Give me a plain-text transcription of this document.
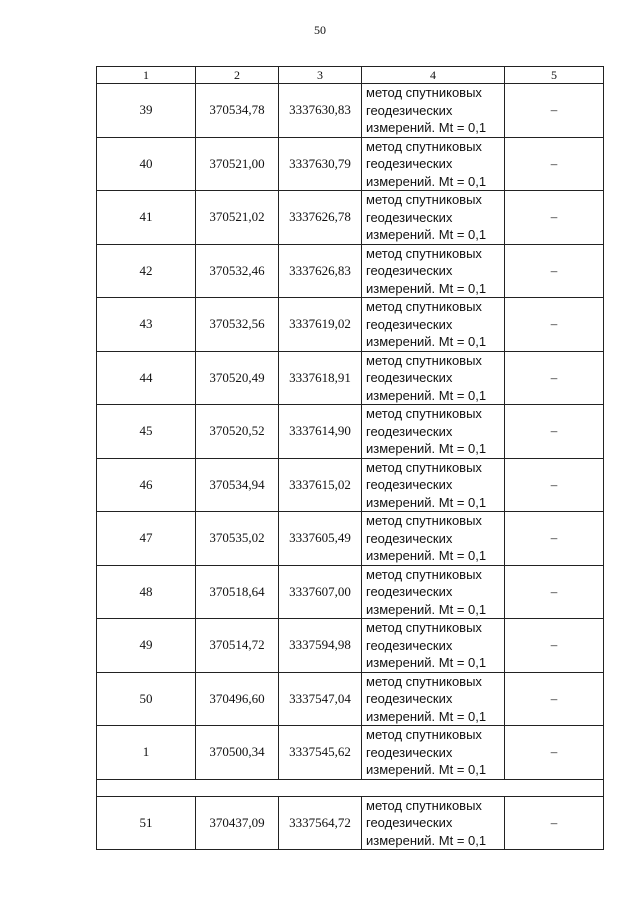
50
1	2	3	4	5
39	370534,78	3337630,83	метод спутниковых
геодезических
измерений. Mt = 0,1	–
40	370521,00	3337630,79	метод спутниковых
геодезических
измерений. Mt = 0,1	–
41	370521,02	3337626,78	метод спутниковых
геодезических
измерений. Mt = 0,1	–
42	370532,46	3337626,83	метод спутниковых
геодезических
измерений. Mt = 0,1	–
43	370532,56	3337619,02	метод спутниковых
геодезических
измерений. Mt = 0,1	–
44	370520,49	3337618,91	метод спутниковых
геодезических
измерений. Mt = 0,1	–
45	370520,52	3337614,90	метод спутниковых
геодезических
измерений. Mt = 0,1	–
46	370534,94	3337615,02	метод спутниковых
геодезических
измерений. Mt = 0,1	–
47	370535,02	3337605,49	метод спутниковых
геодезических
измерений. Mt = 0,1	–
48	370518,64	3337607,00	метод спутниковых
геодезических
измерений. Mt = 0,1	–
49	370514,72	3337594,98	метод спутниковых
геодезических
измерений. Mt = 0,1	–
50	370496,60	3337547,04	метод спутниковых
геодезических
измерений. Mt = 0,1	–
1	370500,34	3337545,62	метод спутниковых
геодезических
измерений. Mt = 0,1	–

51	370437,09	3337564,72	метод спутниковых
геодезических
измерений. Mt = 0,1	–
